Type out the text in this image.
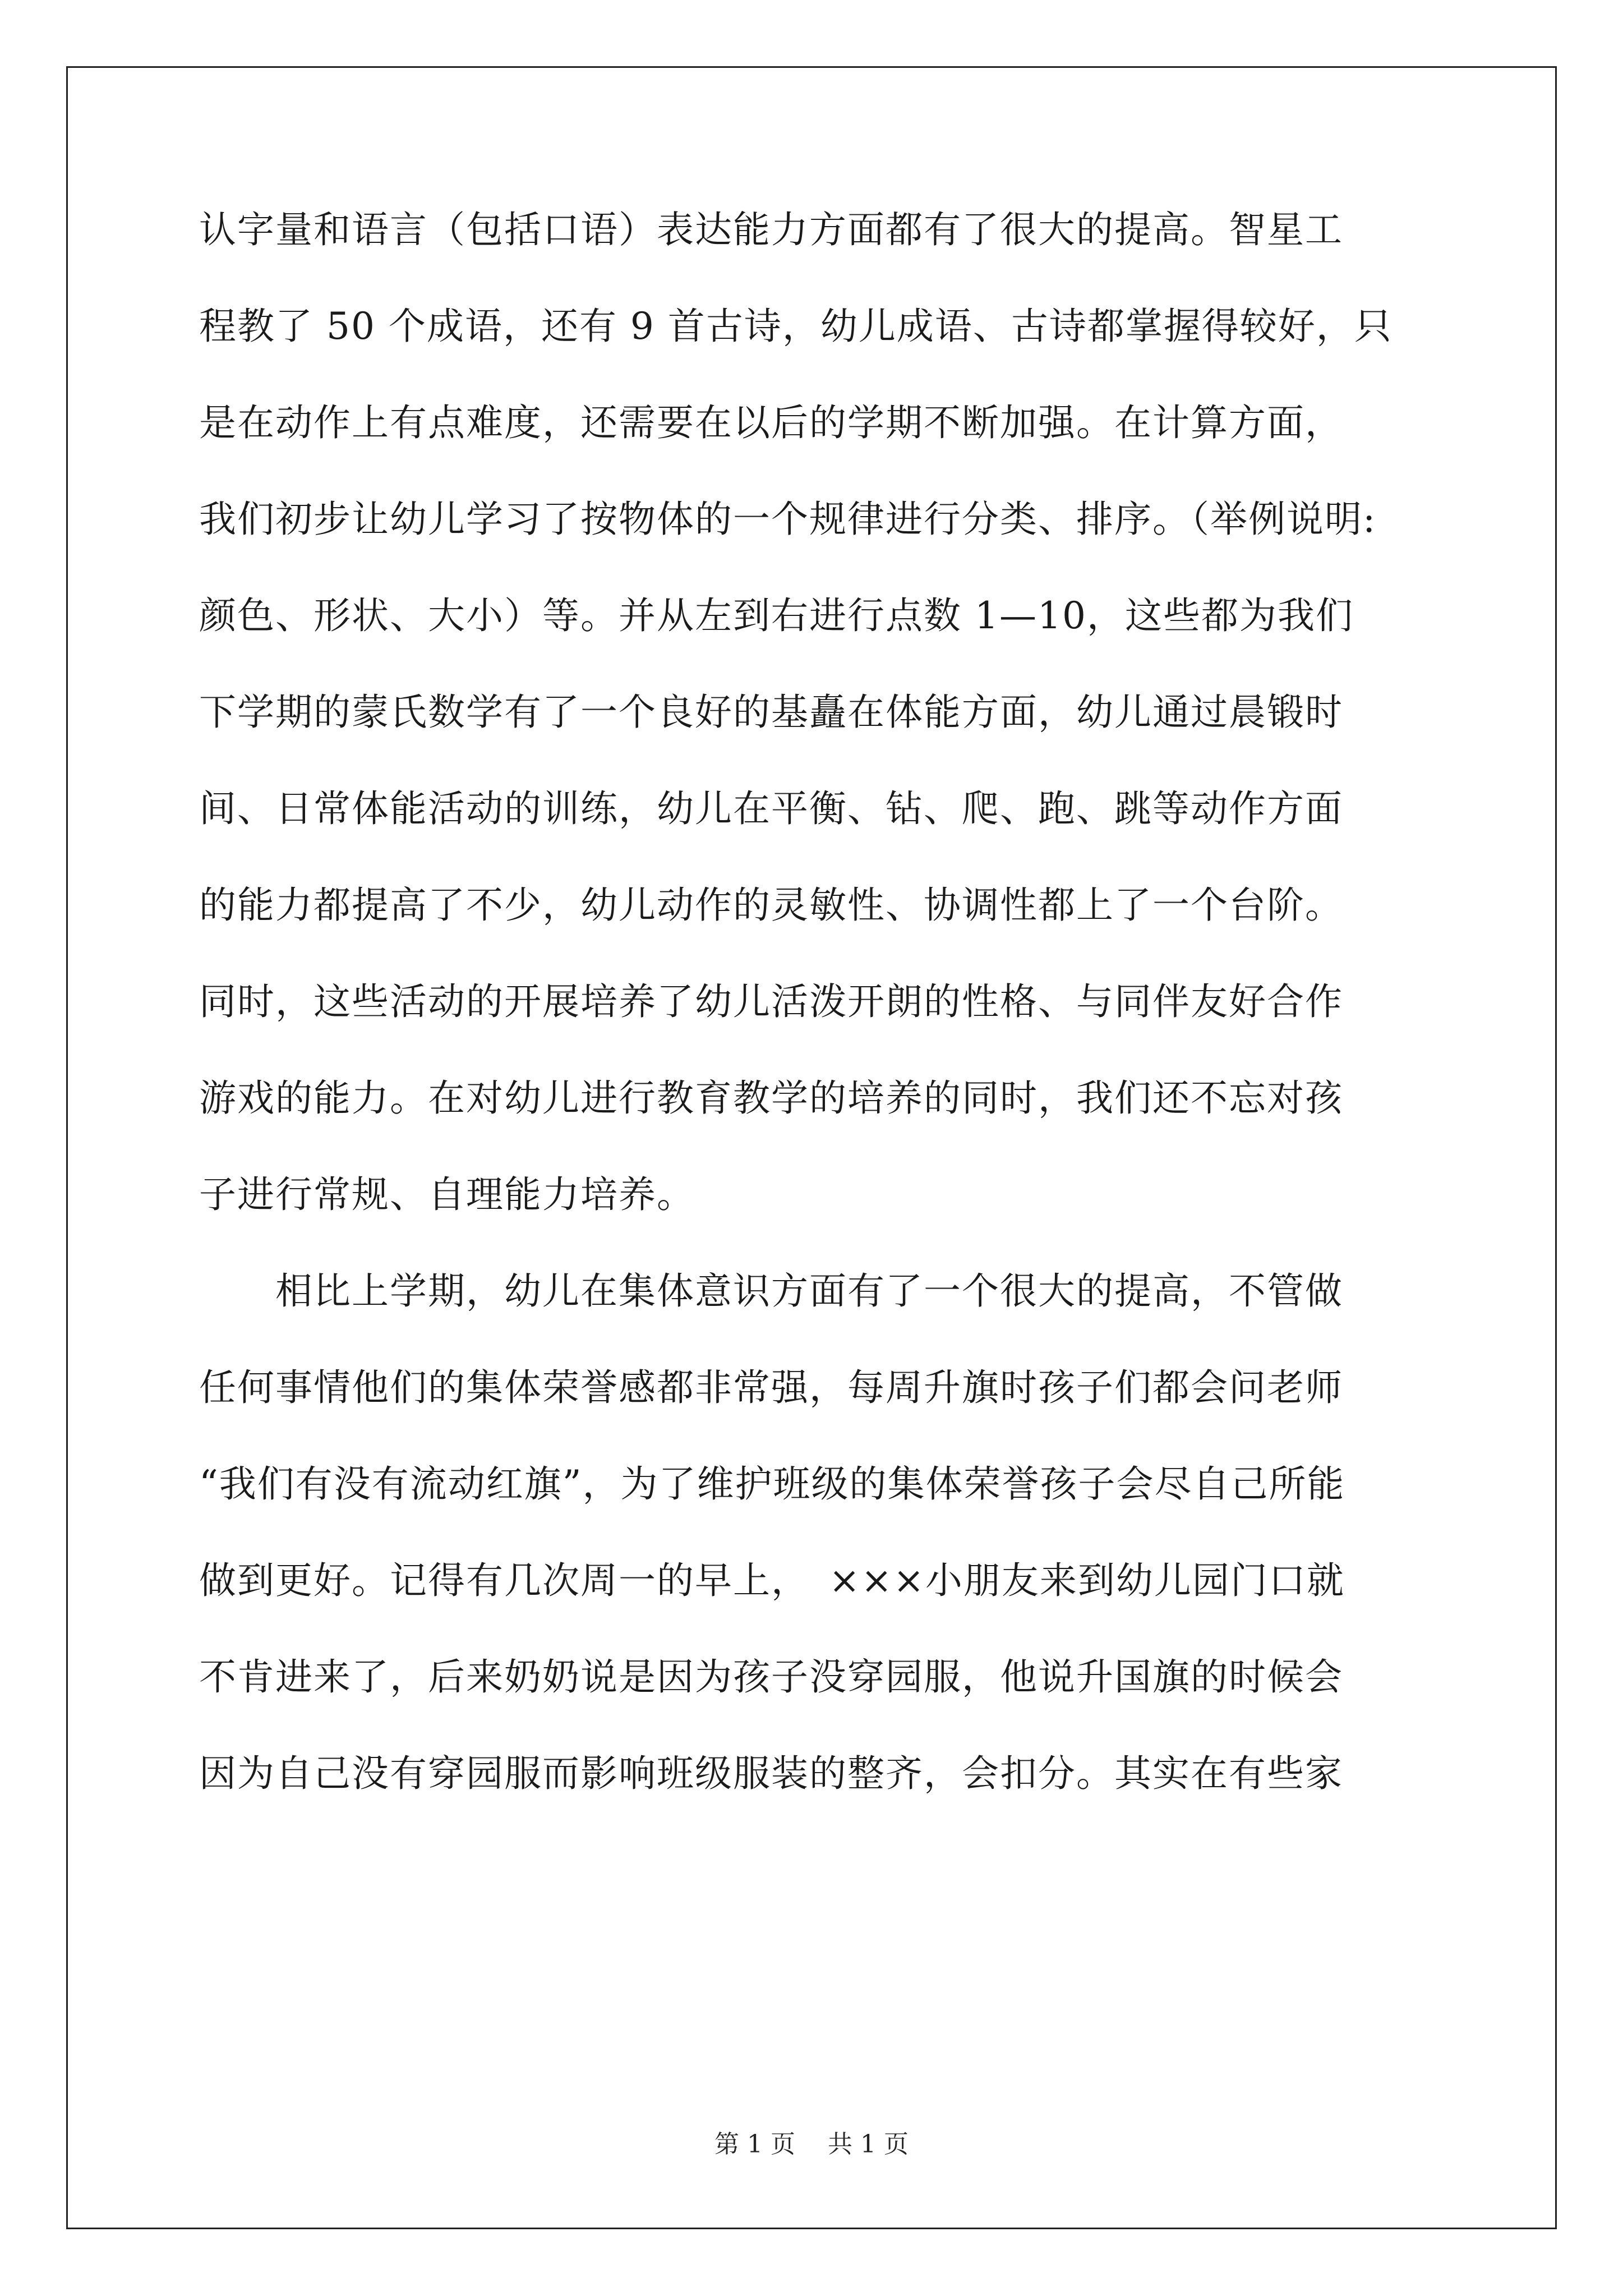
认字量和语言（包括口语）表达能力方面都有了很大的提高。智星工
程教了 50 个成语，还有 9 首古诗，幼儿成语、古诗都掌握得较好，只
是在动作上有点难度，还需要在以后的学期不断加强。在计算方面，
我们初步让幼儿学习了按物体的一个规律进行分类、排序。（举例说明:
颜色、形状、大小）等。并从左到右进行点数 1—10，这些都为我们
下学期的蒙氏数学有了一个良好的基矗在体能方面，幼儿通过晨锻时
间、日常体能活动的训练，幼儿在平衡、钻、爬、跑、跳等动作方面
的能力都提高了不少，幼儿动作的灵敏性、协调性都上了一个台阶。
同时，这些活动的开展培养了幼儿活泼开朗的性格、与同伴友好合作
游戏的能力。在对幼儿进行教育教学的培养的同时，我们还不忘对孩
子进行常规、自理能力培养。
　　相比上学期，幼儿在集体意识方面有了一个很大的提高，不管做
任何事情他们的集体荣誉感都非常强，每周升旗时孩子们都会问老师
“我们有没有流动红旗”，为了维护班级的集体荣誉孩子会尽自己所能
做到更好。记得有几次周一的早上，　×××小朋友来到幼儿园门口就
不肯进来了，后来奶奶说是因为孩子没穿园服，他说升国旗的时候会
因为自己没有穿园服而影响班级服装的整齐，会扣分。其实在有些家
第 1 页　 共 1 页
